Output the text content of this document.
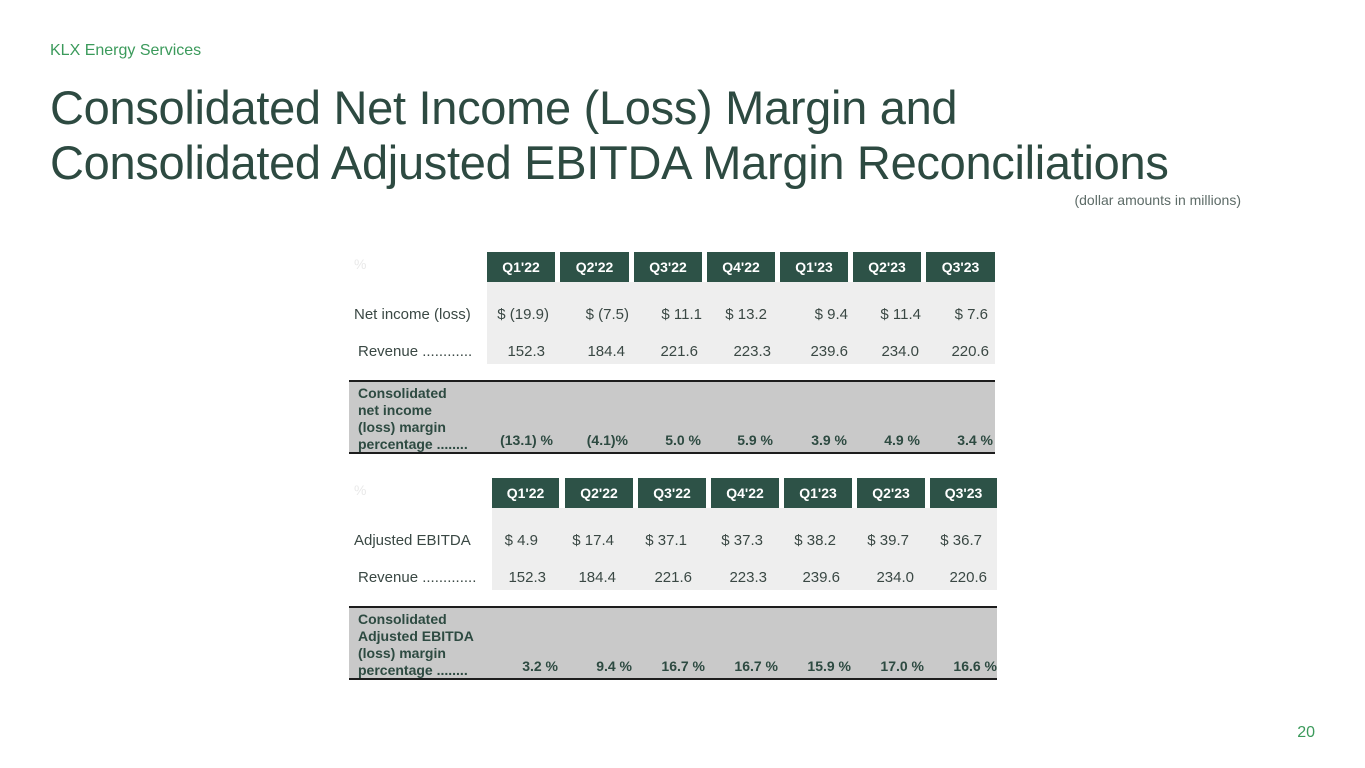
KLX Energy Services
Consolidated Net Income (Loss) Margin and
Consolidated Adjusted EBITDA Margin Reconciliations
(dollar amounts in millions)
%	Q1'22	Q2'22	Q3'22	Q4'22	Q1'23	Q2'23	Q3'23
Net income (loss)	$ (19.9)	$ (7.5)	$ 11.1	$ 13.2	$ 9.4	$ 11.4	$ 7.6
Revenue ............	152.3	184.4	221.6	223.3	239.6	234.0	220.6
Consolidated
net income
(loss) margin
percentage ........	(13.1) %	(4.1)%	5.0 %	5.9 %	3.9 %	4.9 %	3.4 %
%	Q1'22	Q2'22	Q3'22	Q4'22	Q1'23	Q2'23	Q3'23
Adjusted EBITDA	$ 4.9	$ 17.4	$ 37.1	$ 37.3	$ 38.2	$ 39.7	$ 36.7
Revenue .............	152.3	184.4	221.6	223.3	239.6	234.0	220.6
Consolidated
Adjusted EBITDA
(loss) margin
percentage ........	3.2 %	9.4 %	16.7 %	16.7 %	15.9 %	17.0 %	16.6 %
20
